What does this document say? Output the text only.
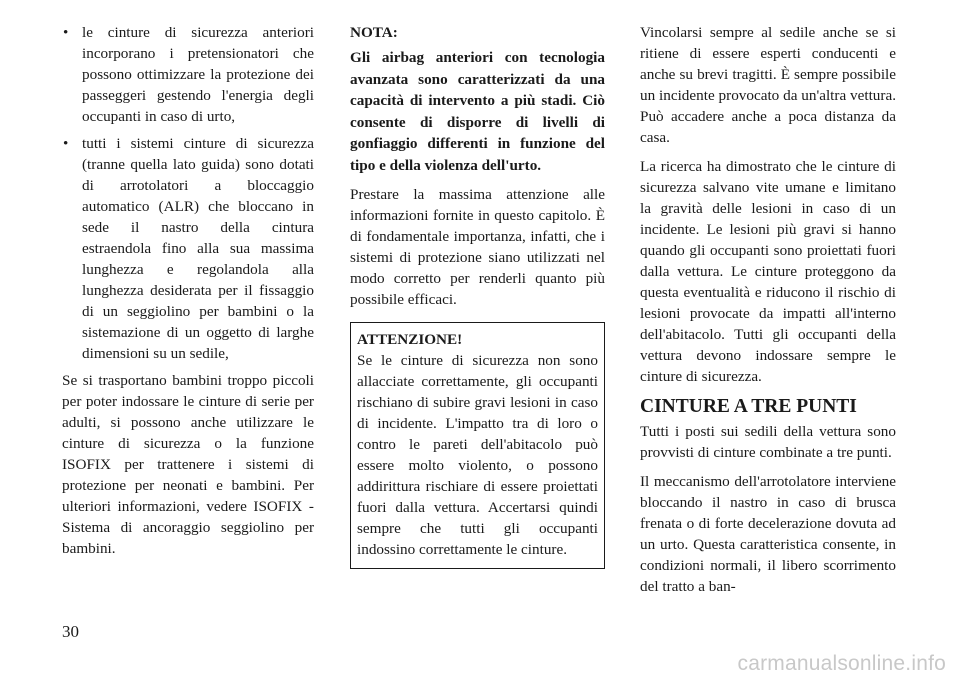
• le cinture di sicurezza anteriori incorporano i pretensionatori che possono ottimizzare la protezione dei passeggeri gestendo l'energia degli occupanti in caso di urto,
• tutti i sistemi cinture di sicurezza (tranne quella lato guida) sono dotati di arrotolatori a bloccaggio automatico (ALR) che bloccano in sede il nastro della cintura estraendola fino alla sua massima lunghezza e regolandola alla lunghezza desiderata per il fissaggio di un seggiolino per bambini o la sistemazione di un oggetto di larghe dimensioni su un sedile,

Se si trasportano bambini troppo piccoli per poter indossare le cinture di serie per adulti, si possono anche utilizzare le cinture di sicurezza o la funzione ISOFIX per trattenere i sistemi di protezione per neonati e bambini. Per ulteriori informazioni, vedere ISOFIX - Sistema di ancoraggio seggiolino per bambini.

NOTA:

Gli airbag anteriori con tecnologia avanzata sono caratterizzati da una capacità di intervento a più stadi. Ciò consente di disporre di livelli di gonfiaggio differenti in funzione del tipo e della violenza dell'urto.

Prestare la massima attenzione alle informazioni fornite in questo capitolo. È di fondamentale importanza, infatti, che i sistemi di protezione siano utilizzati nel modo corretto per renderli quanto più possibile efficaci.

ATTENZIONE!

Se le cinture di sicurezza non sono allacciate correttamente, gli occupanti rischiano di subire gravi lesioni in caso di incidente. L'impatto tra di loro o contro le pareti dell'abitacolo può essere molto violento, o possono addirittura rischiare di essere proiettati fuori dalla vettura. Accertarsi quindi sempre che tutti gli occupanti indossino correttamente le cinture.

Vincolarsi sempre al sedile anche se si ritiene di essere esperti conducenti e anche su brevi tragitti. È sempre possibile un incidente provocato da un'altra vettura. Può accadere anche a poca distanza da casa.

La ricerca ha dimostrato che le cinture di sicurezza salvano vite umane e limitano la gravità delle lesioni in caso di un incidente. Le lesioni più gravi si hanno quando gli occupanti sono proiettati fuori dalla vettura. Le cinture proteggono da questa eventualità e riducono il rischio di lesioni provocate da impatti all'interno dell'abitacolo. Tutti gli occupanti della vettura devono indossare sempre le cinture di sicurezza.

CINTURE A TRE PUNTI

Tutti i posti sui sedili della vettura sono provvisti di cinture combinate a tre punti.

Il meccanismo dell'arrotolatore interviene bloccando il nastro in caso di brusca frenata o di forte decelerazione dovuta ad un urto. Questa caratteristica consente, in condizioni normali, il libero scorrimento del tratto a ban-

30
carmanualsonline.info
